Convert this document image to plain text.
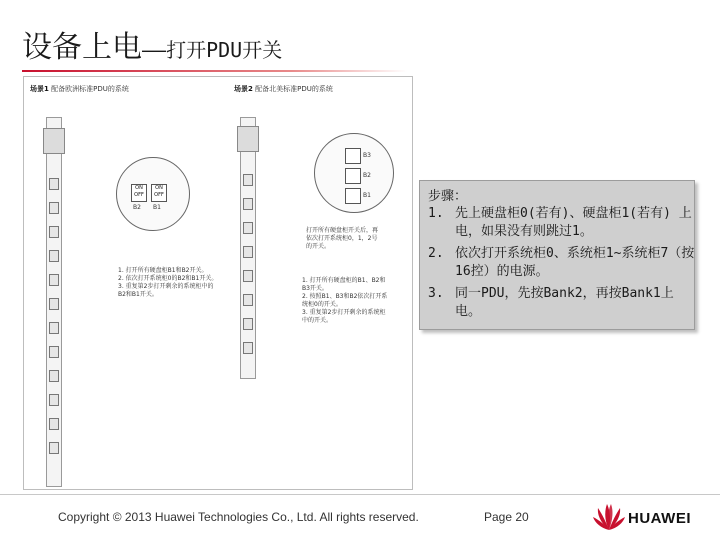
设备上电——打开PDU开关
场景1 配备欧洲标准PDU的系统	场景2 配备北美标准PDU的系统
ON
OFF
ON
OFF
B2 B1
1. 打开所有硬盘柜B1和B2开关。
2. 依次打开系统柜0的B2和B1开关。
3. 重复第2步打开剩余的系统柜中的B2和B1开关。
B3
B2
B1
打开所有硬盘柜开关后，再依次打开系统柜0，1，2号的开关。
1. 打开所有硬盘柜的B1、B2和B3开关。
2. 按照B1、B3和B2依次打开系统柜0的开关。
3. 重复第2步打开剩余的系统柜中的开关。
步骤：
1. 先上硬盘柜0(若有)、硬盘柜1(若有) 上电，如果没有则跳过1。
2. 依次打开系统柜0、系统柜1~系统柜7（按16控）的电源。
3. 同一PDU，先按Bank2，再按Bank1上电。
Copyright © 2013 Huawei Technologies Co., Ltd. All rights reserved.	Page 20	HUAWEI
